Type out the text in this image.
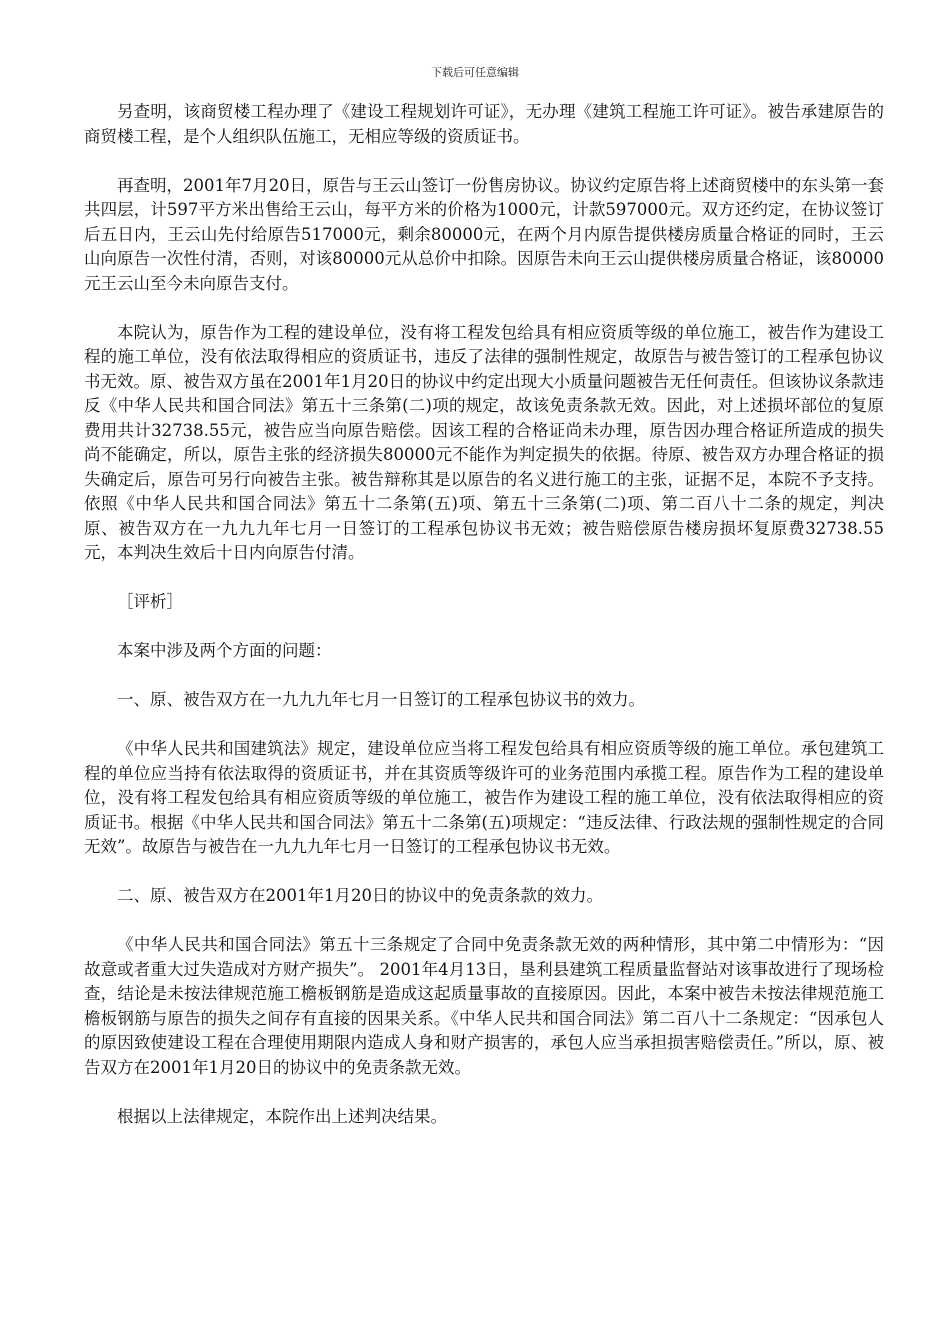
下载后可任意编辑

另查明，该商贸楼工程办理了《建设工程规划许可证》，无办理《建筑工程施工许可证》。被告承建原告的商贸楼工程，是个人组织队伍施工，无相应等级的资质证书。

再查明，2001年7月20日，原告与王云山签订一份售房协议。协议约定原告将上述商贸楼中的东头第一套共四层，计597平方米出售给王云山，每平方米的价格为1000元，计款597000元。双方还约定，在协议签订后五日内，王云山先付给原告517000元，剩余80000元，在两个月内原告提供楼房质量合格证的同时，王云山向原告一次性付清，否则，对该80000元从总价中扣除。因原告未向王云山提供楼房质量合格证，该80000元王云山至今未向原告支付。

本院认为，原告作为工程的建设单位，没有将工程发包给具有相应资质等级的单位施工，被告作为建设工程的施工单位，没有依法取得相应的资质证书，违反了法律的强制性规定，故原告与被告签订的工程承包协议书无效。原、被告双方虽在2001年1月20日的协议中约定出现大小质量问题被告无任何责任。但该协议条款违反《中华人民共和国合同法》第五十三条第(二)项的规定，故该免责条款无效。因此，对上述损坏部位的复原费用共计32738.55元，被告应当向原告赔偿。因该工程的合格证尚未办理，原告因办理合格证所造成的损失尚不能确定，所以，原告主张的经济损失80000元不能作为判定损失的依据。待原、被告双方办理合格证的损失确定后，原告可另行向被告主张。被告辩称其是以原告的名义进行施工的主张，证据不足，本院不予支持。依照《中华人民共和国合同法》第五十二条第(五)项、第五十三条第(二)项、第二百八十二条的规定，判决原、被告双方在一九九九年七月一日签订的工程承包协议书无效；被告赔偿原告楼房损坏复原费32738.55元，本判决生效后十日内向原告付清。

［评析］

本案中涉及两个方面的问题：

一、原、被告双方在一九九九年七月一日签订的工程承包协议书的效力。

《中华人民共和国建筑法》规定，建设单位应当将工程发包给具有相应资质等级的施工单位。承包建筑工程的单位应当持有依法取得的资质证书，并在其资质等级许可的业务范围内承揽工程。原告作为工程的建设单位，没有将工程发包给具有相应资质等级的单位施工，被告作为建设工程的施工单位，没有依法取得相应的资质证书。根据《中华人民共和国合同法》第五十二条第(五)项规定：“违反法律、行政法规的强制性规定的合同无效”。故原告与被告在一九九九年七月一日签订的工程承包协议书无效。

二、原、被告双方在2001年1月20日的协议中的免责条款的效力。

《中华人民共和国合同法》第五十三条规定了合同中免责条款无效的两种情形，其中第二中情形为：“因故意或者重大过失造成对方财产损失”。 2001年4月13日，垦利县建筑工程质量监督站对该事故进行了现场检查，结论是未按法律规范施工檐板钢筋是造成这起质量事故的直接原因。因此，本案中被告未按法律规范施工檐板钢筋与原告的损失之间存有直接的因果关系。《中华人民共和国合同法》第二百八十二条规定：“因承包人的原因致使建设工程在合理使用期限内造成人身和财产损害的，承包人应当承担损害赔偿责任。”所以，原、被告双方在2001年1月20日的协议中的免责条款无效。

根据以上法律规定，本院作出上述判决结果。
